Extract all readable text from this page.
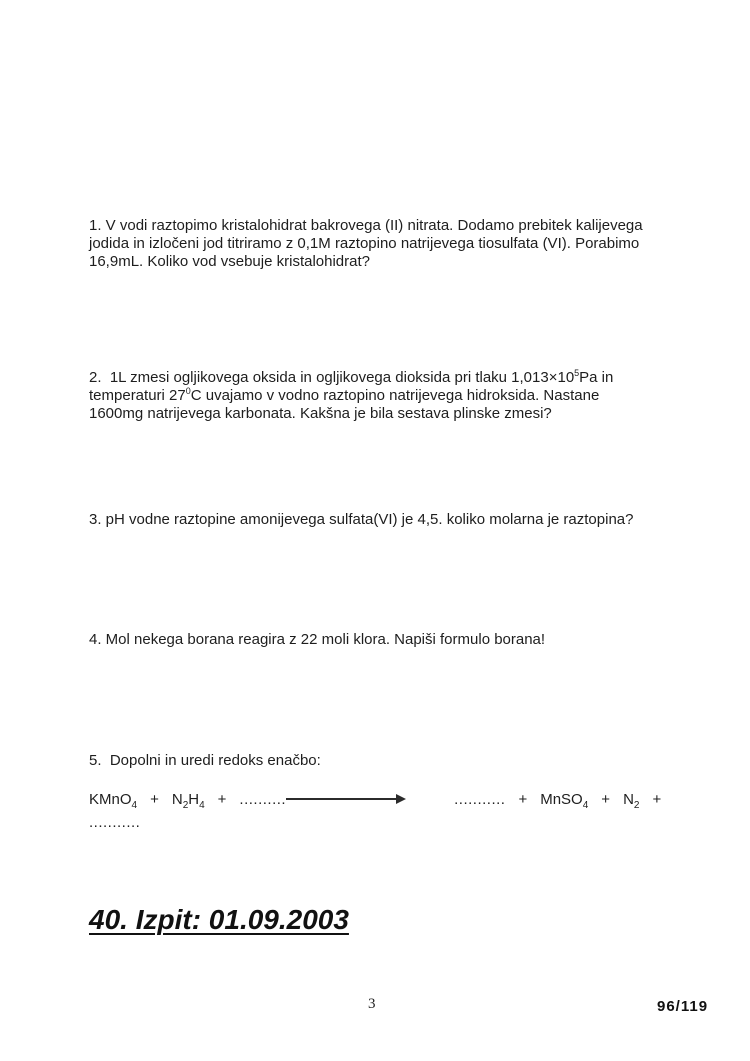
1. V vodi raztopimo kristalohidrat bakrovega (II) nitrata. Dodamo prebitek kalijevega
jodida in izločeni jod titriramo z 0,1M raztopino natrijevega tiosulfata (VI). Porabimo
16,9mL. Koliko vod vsebuje kristalohidrat?
2.  1L zmesi ogljikovega oksida in ogljikovega dioksida pri tlaku $1,013\times 10^5Pa$ in
temperaturi $27^0C$ uvajamo v vodno raztopino natrijevega hidroksida. Nastane
1600mg natrijevega karbonata. Kakšna je bila sestava plinske zmesi?
3. pH vodne raztopine amonijevega sulfata(VI) je 4,5. koliko molarna je raztopina?
4. Mol nekega borana reagira z 22 moli klora. Napiši formulo borana!
5.  Dopolni in uredi redoks enačbo:
KMnO$_4$ + $N_2H_4$ + ..........	........... + MnSO$_4$ + $N_2$ +
...........
40. Izpit: 01.09.2003
3	96/119
